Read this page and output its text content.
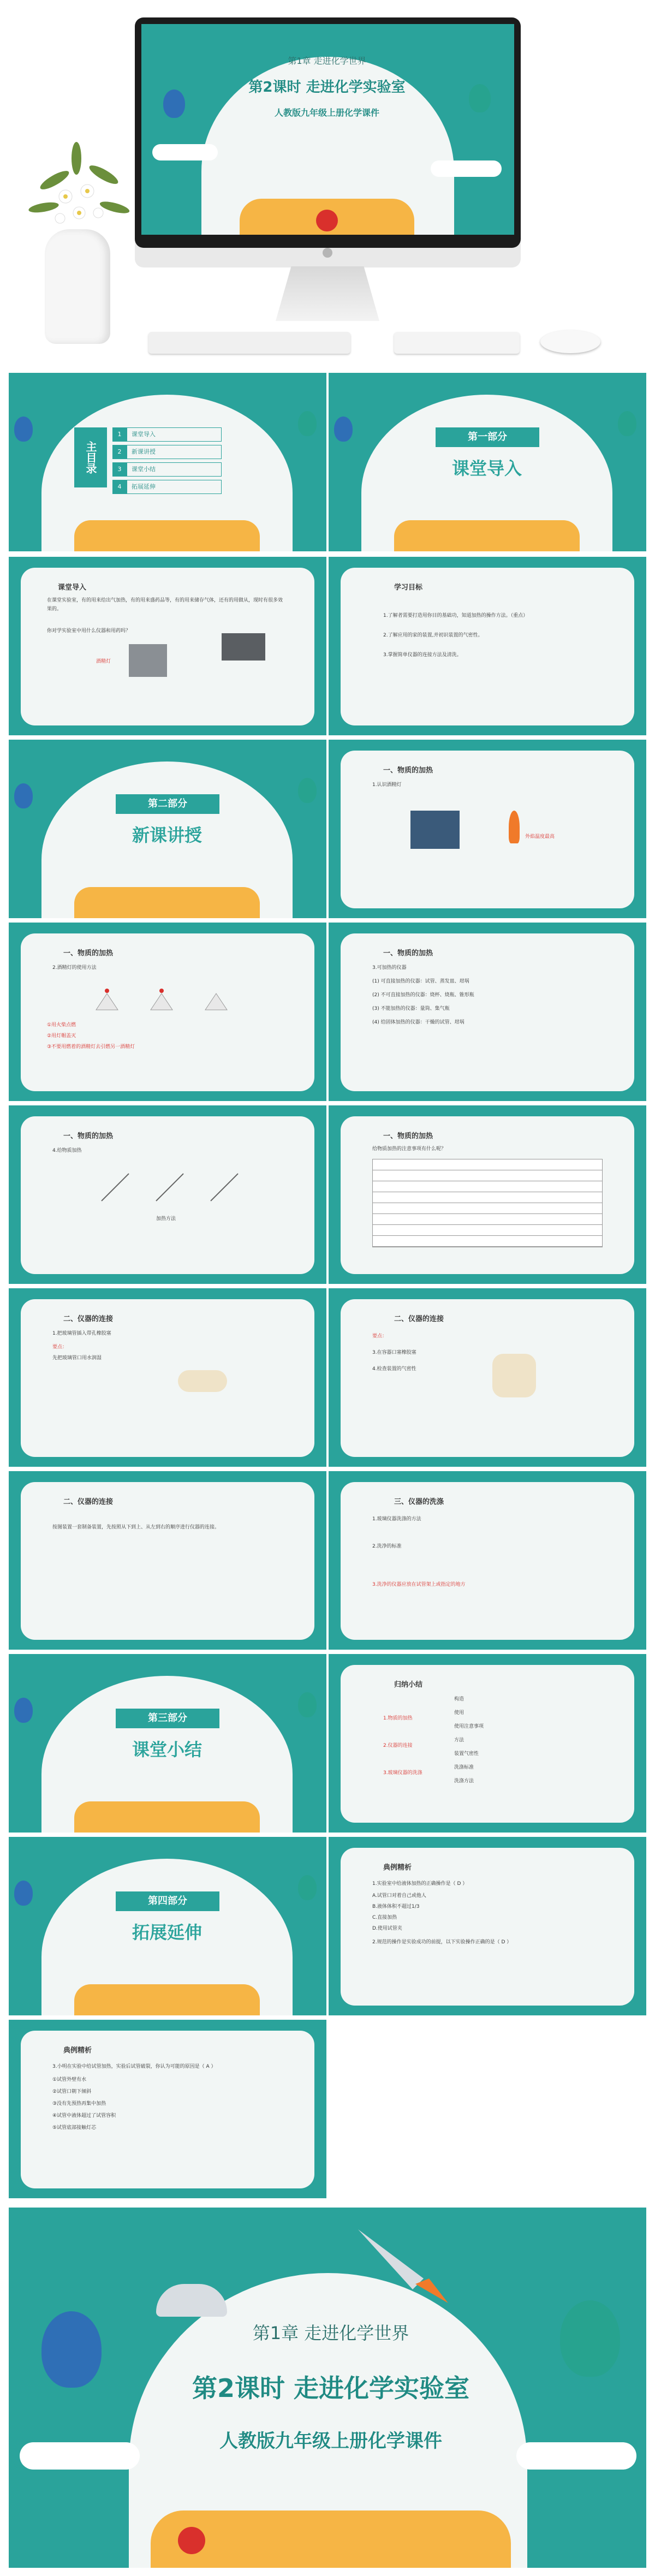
第1章 走进化学世界
第2课时 走进化学实验室
人教版九年级上册化学课件
主目录
1	课堂导入
2	新课讲授
3	课堂小结
4	拓展延伸
第一部分
课堂导入
课堂导入
在课堂实验室，有的用来给出气加热，有的用来盛药品等，有的用来储存气体，还有的用做从，现时有很多效果的。
你对学实验室中用什么仪器和用药吗？
酒精灯
学习目标
1.了解者需要打造用你目的基础功，知道加热的操作方法。（重点）
2.了解应用的家的装置,并初识装置的气密性。
3.掌握简单仪器的连接方法及清洗。
第二部分
新课讲授
一、物质的加热
1.认识酒精灯
外焰温度最高
一、物质的加热
2.酒精灯的使用方法
①用火柴点燃
②用灯帽盖灭
③不要用燃着的酒精灯去引燃另一酒精灯
一、物质的加热
3.可加热的仪器
(1) 可直接加热的仪器：试管、蒸发皿、坩埚
(2) 不可直接加热的仪器：烧杯、烧瓶、锥形瓶
(3) 不能加热的仪器：量筒、集气瓶
(4) 给固体加热的仪器：干燥的试管、坩埚
一、物质的加热
4.给物质加热
加热方法
一、物质的加热
给物质加热的注意事项有什么呢？
二、仪器的连接
1.把玻璃管插入带孔橡胶塞
要点：
先把玻璃管口用水润湿
二、仪器的连接
要点：
3.在容器口塞橡胶塞
4.检查装置的气密性
二、仪器的连接
按图装置一套制备装置，先按照从下到上、从左到右的顺序进行仪器的连接。
三、仪器的洗涤
1.玻璃仪器洗涤的方法
2.洗净的标准
3.洗净的仪器应放在试管架上或指定的地方
第三部分
课堂小结
归纳小结
1.物质的加热
2.仪器的连接
3.玻璃仪器的洗涤
构造
使用
使用注意事项
方法
装置气密性
洗涤标准
洗涤方法
第四部分
拓展延伸
典例精析
1.实验室中给液体加热的正确操作是（ D ）
A.试管口对着自己或他人
B.液体体积不超过1/3
C.直接加热
D.使用试管夹
2.规范的操作是实验成功的前提，以下实验操作正确的是（ D ）
典例精析
3.小明在实验中给试管加热，实验后试管破裂，你认为可能的原因是（ A ）
①试管外壁有水
②试管口朝下倾斜
③没有先预热再集中加热
④试管中液体超过了试管容积
⑤试管底部接触灯芯
第1章 走进化学世界
第2课时 走进化学实验室
人教版九年级上册化学课件
